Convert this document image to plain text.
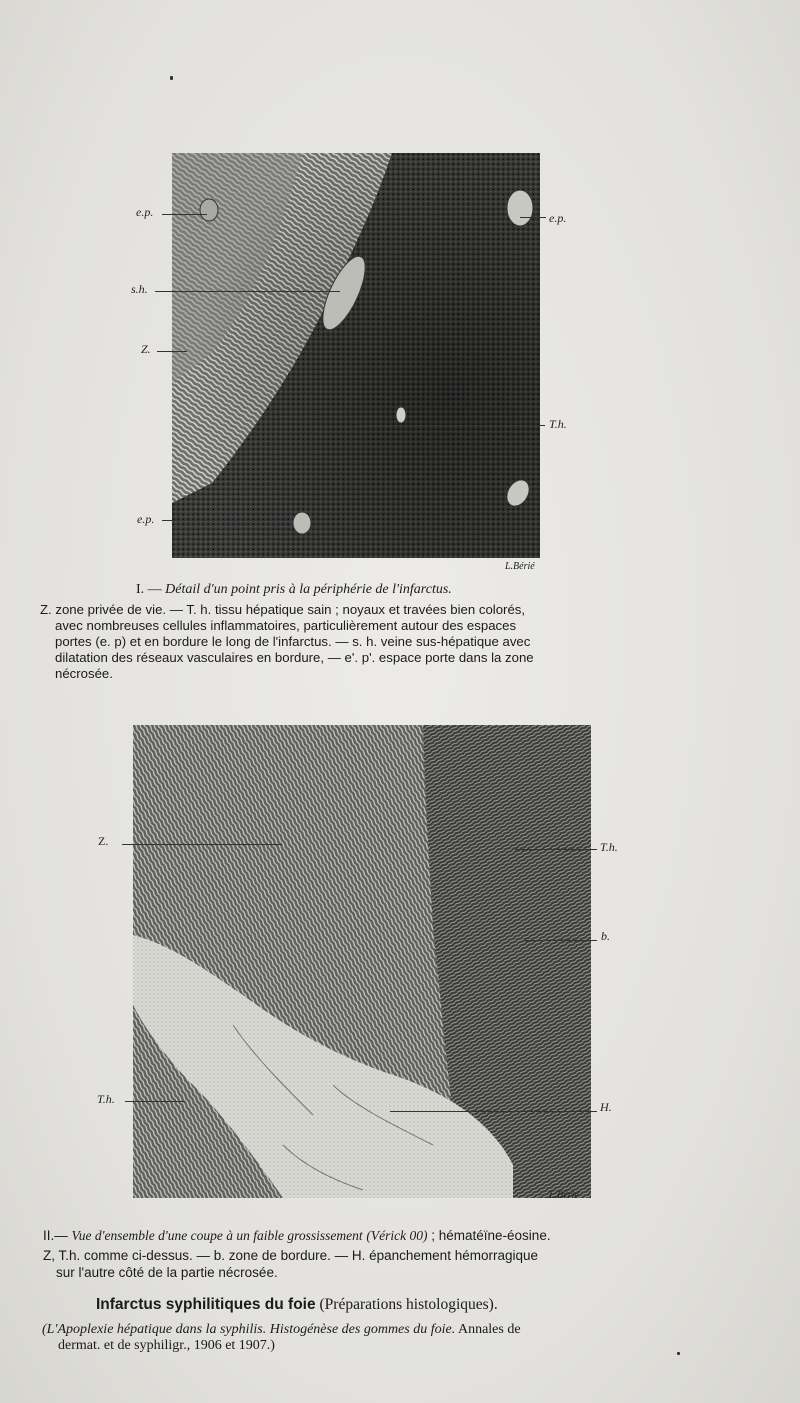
e.p.	e.p.
s.h.
Z.
T.h.
e.p.
L.Bérié
I. — Détail d'un point pris à la périphérie de l'infarctus.
Z. zone privée de vie. — T. h. tissu hépatique sain ; noyaux et travées bien colorés,
avec nombreuses cellules inflammatoires, particulièrement autour des espaces
portes (e. p) et en bordure le long de l'infarctus. — s. h. veine sus-hépatique avec
dilatation des réseaux vasculaires en bordure, — e'. p'. espace porte dans la zone
nécrosée.
Z.	T.h.
b.
T.h.
H.
L.Bérié
II.— Vue d'ensemble d'une coupe à un faible grossissement (Vérick 00) ; hématéïne-éosine.
Z, T.h. comme ci-dessus. — b. zone de bordure. — H. épanchement hémorragique
sur l'autre côté de la partie nécrosée.
Infarctus syphilitiques du foie (Préparations histologiques).
(L'Apoplexie hépatique dans la syphilis. Histogénèse des gommes du foie. Annales de
dermat. et de syphiligr., 1906 et 1907.)
